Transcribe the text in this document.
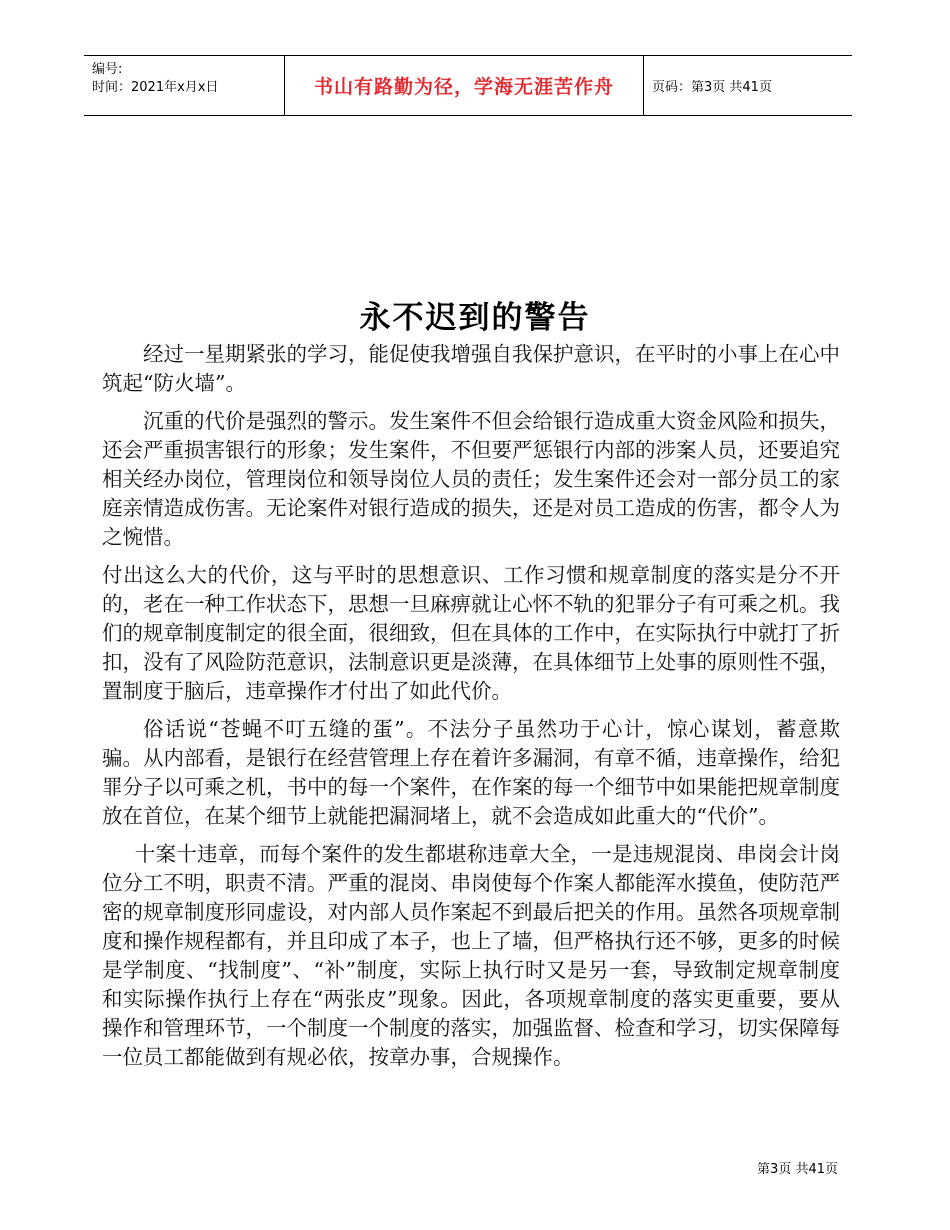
编号:
时间：2021年x月x日	书山有路勤为径，学海无涯苦作舟	页码：第3页 共41页
永不迟到的警告

经过一星期紧张的学习，能促使我增强自我保护意识，在平时的小事上在心中筑起“防火墙”。

沉重的代价是强烈的警示。发生案件不但会给银行造成重大资金风险和损失，还会严重损害银行的形象；发生案件，不但要严惩银行内部的涉案人员，还要追究相关经办岗位，管理岗位和领导岗位人员的责任；发生案件还会对一部分员工的家庭亲情造成伤害。无论案件对银行造成的损失，还是对员工造成的伤害，都令人为之惋惜。

付出这么大的代价，这与平时的思想意识、工作习惯和规章制度的落实是分不开的，老在一种工作状态下，思想一旦麻痹就让心怀不轨的犯罪分子有可乘之机。我们的规章制度制定的很全面，很细致，但在具体的工作中，在实际执行中就打了折扣，没有了风险防范意识，法制意识更是淡薄，在具体细节上处事的原则性不强，置制度于脑后，违章操作才付出了如此代价。

俗话说“苍蝇不叮五缝的蛋”。不法分子虽然功于心计，惊心谋划，蓄意欺骗。从内部看，是银行在经营管理上存在着许多漏洞，有章不循，违章操作，给犯罪分子以可乘之机，书中的每一个案件，在作案的每一个细节中如果能把规章制度放在首位，在某个细节上就能把漏洞堵上，就不会造成如此重大的“代价”。

十案十违章，而每个案件的发生都堪称违章大全，一是违规混岗、串岗会计岗位分工不明，职责不清。严重的混岗、串岗使每个作案人都能浑水摸鱼，使防范严密的规章制度形同虚设，对内部人员作案起不到最后把关的作用。虽然各项规章制度和操作规程都有，并且印成了本子，也上了墙，但严格执行还不够，更多的时候是学制度、“找制度”、“补”制度，实际上执行时又是另一套，导致制定规章制度和实际操作执行上存在“两张皮”现象。因此，各项规章制度的落实更重要，要从操作和管理环节，一个制度一个制度的落实，加强监督、检查和学习，切实保障每一位员工都能做到有规必依，按章办事，合规操作。

第3页 共41页
